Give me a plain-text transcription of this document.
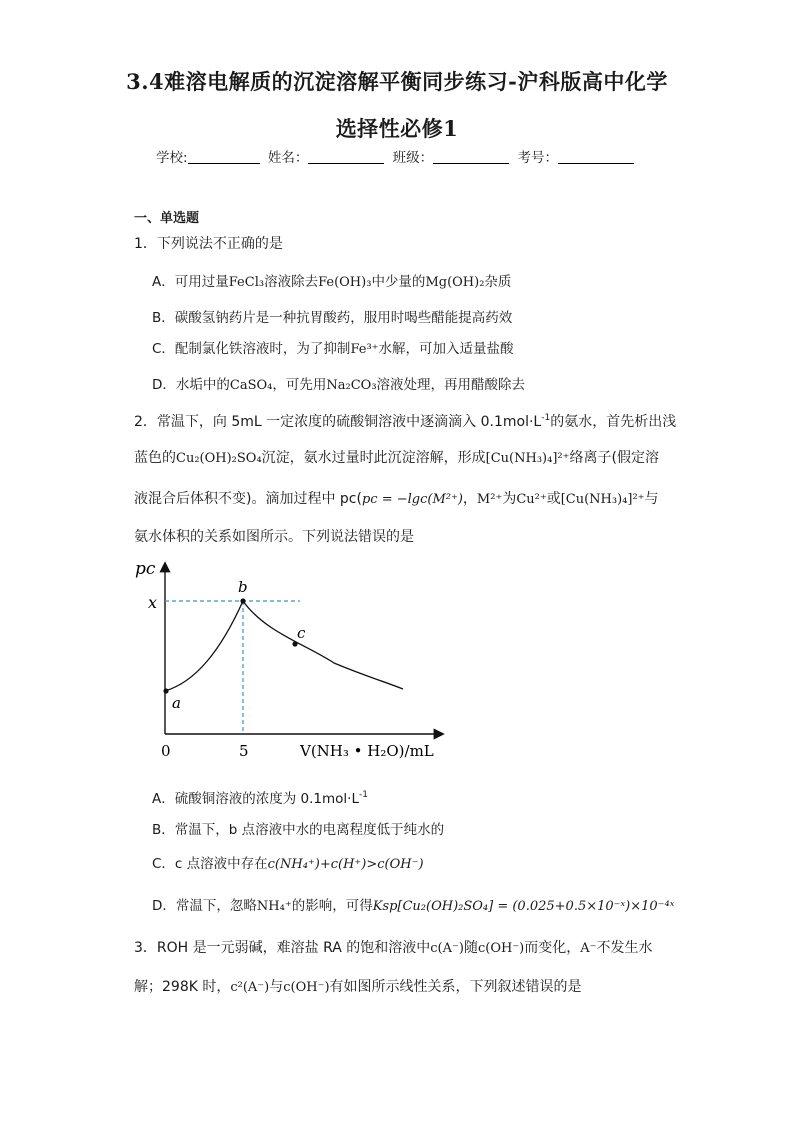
3.4难溶电解质的沉淀溶解平衡同步练习-沪科版高中化学
选择性必修1
学校:	姓名：	班级：	考号：
一、单选题
1．下列说法不正确的是
A．可用过量FeCl₃溶液除去Fe(OH)₃中少量的Mg(OH)₂杂质
B．碳酸氢钠药片是一种抗胃酸药，服用时喝些醋能提高药效
C．配制氯化铁溶液时，为了抑制Fe³⁺水解，可加入适量盐酸
D．水垢中的CaSO₄，可先用Na₂CO₃溶液处理，再用醋酸除去
2．常温下，向 5mL 一定浓度的硫酸铜溶液中逐滴滴入 $0.1mol\cdot L^{-1}$的氨水，首先析出浅
蓝色的Cu₂(OH)₂SO₄沉淀，氨水过量时此沉淀溶解，形成[Cu(NH₃)₄]²⁺络离子(假定溶
液混合后体积不变)。滴加过程中 pc(pc = −lgc(M²⁺)，M²⁺为Cu²⁺或[Cu(NH₃)₄]²⁺与
氨水体积的关系如图所示。下列说法错误的是
pc
x
0	5	V(NH₃ • H₂O)/mL
a
b
c
A．硫酸铜溶液的浓度为 $0.1mol\cdot L^{-1}$
B．常温下，b 点溶液中水的电离程度低于纯水的
C．c 点溶液中存在c(NH₄⁺)+c(H⁺)>c(OH⁻)
D．常温下，忽略NH₄⁺的影响，可得Ksp[Cu₂(OH)₂SO₄] = (0.025+0.5×10⁻ˣ)×10⁻⁴ˣ
3．ROH 是一元弱碱，难溶盐 RA 的饱和溶液中c(A⁻)随c(OH⁻)而变化，A⁻不发生水
解；298K 时，c²(A⁻)与c(OH⁻)有如图所示线性关系，下列叙述错误的是
